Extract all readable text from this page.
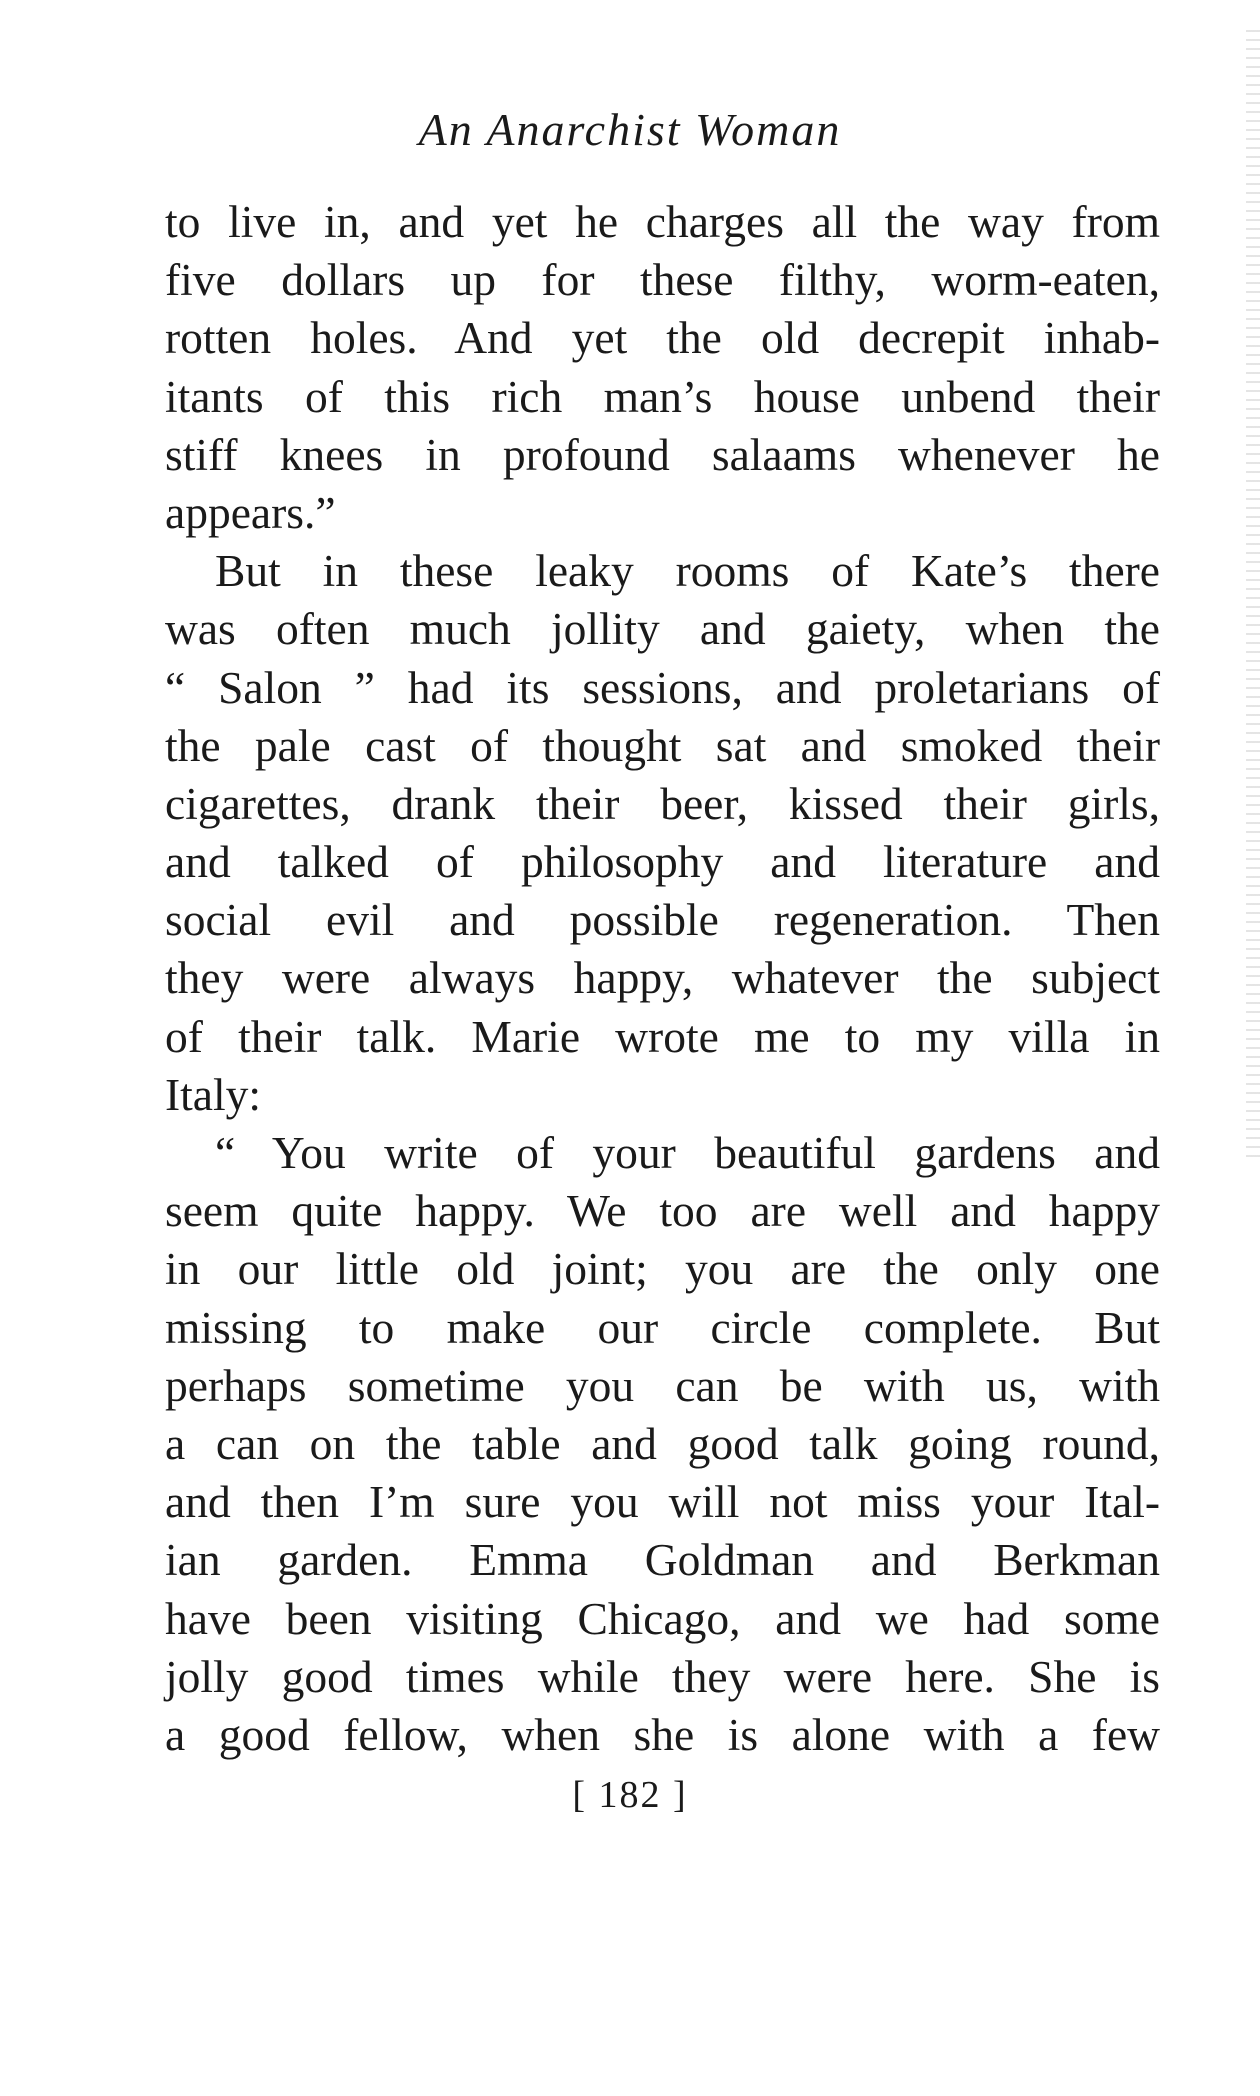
An Anarchist Woman
to live in, and yet he charges all the way from
five dollars up for these filthy, worm-eaten,
rotten holes. And yet the old decrepit inhab-
itants of this rich man’s house unbend their
stiff knees in profound salaams whenever he
appears.”
But in these leaky rooms of Kate’s there
was often much jollity and gaiety, when the
“ Salon ” had its sessions, and proletarians of
the pale cast of thought sat and smoked their
cigarettes, drank their beer, kissed their girls,
and talked of philosophy and literature and
social evil and possible regeneration. Then
they were always happy, whatever the subject
of their talk. Marie wrote me to my villa in
Italy:
“ You write of your beautiful gardens and
seem quite happy. We too are well and happy
in our little old joint; you are the only one
missing to make our circle complete. But
perhaps sometime you can be with us, with
a can on the table and good talk going round,
and then I’m sure you will not miss your Ital-
ian garden. Emma Goldman and Berkman
have been visiting Chicago, and we had some
jolly good times while they were here. She is
a good fellow, when she is alone with a few
[ 182 ]
